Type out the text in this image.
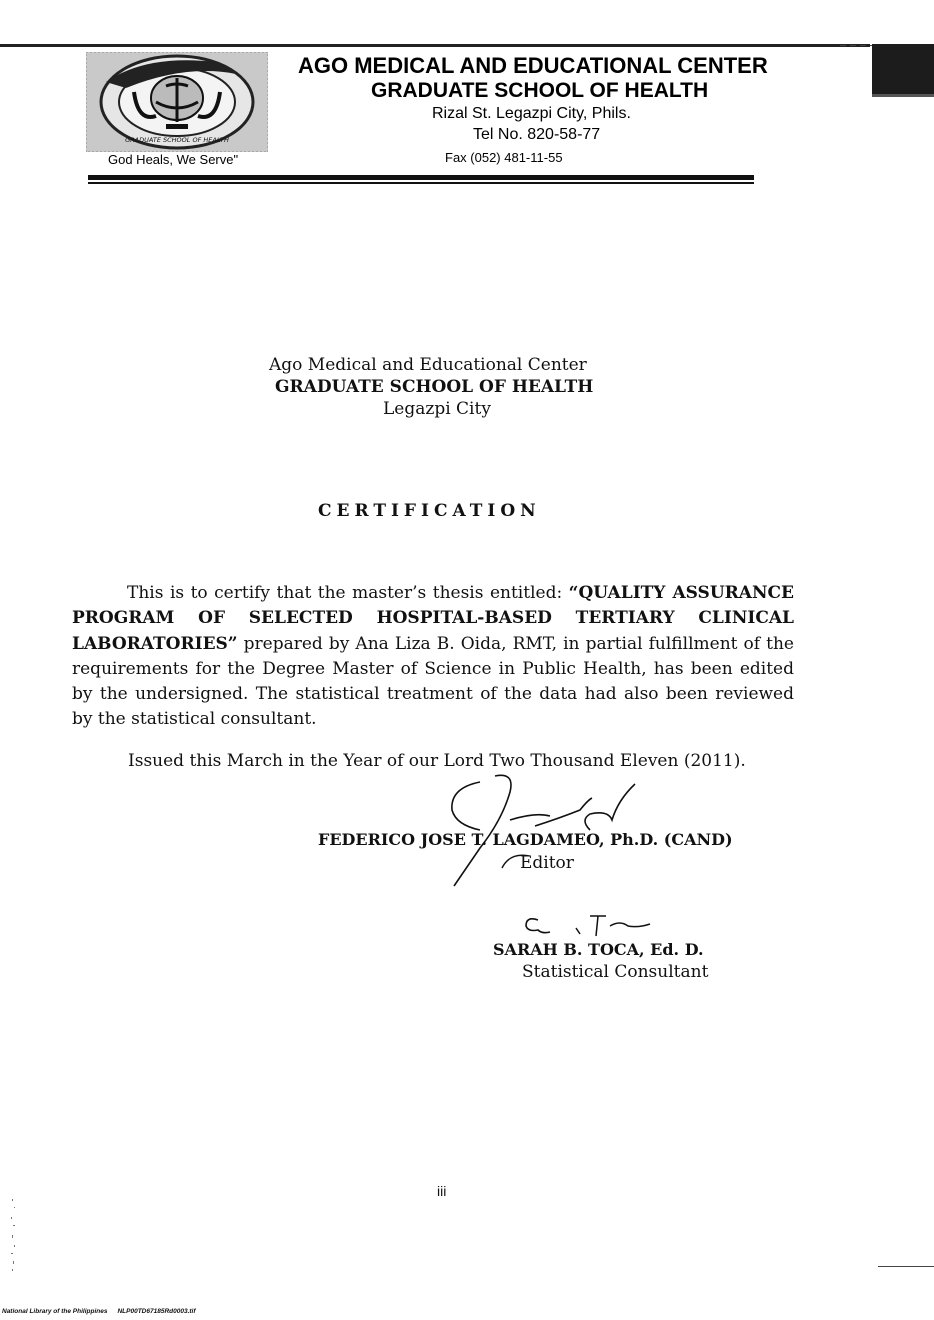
GRADUATE SCHOOL OF HEALTH
AGO MEDICAL AND EDUCATIONAL CENTER
GRADUATE SCHOOL OF HEALTH
Rizal St. Legazpi City, Phils.
Tel No. 820-58-77
Fax (052) 481-11-55
God Heals, We Serve"
Ago Medical and Educational Center
GRADUATE SCHOOL OF HEALTH
Legazpi City
CERTIFICATION

This is to certify that the master’s thesis entitled: “QUALITY ASSURANCE PROGRAM OF SELECTED HOSPITAL-BASED TERTIARY CLINICAL LABORATORIES” prepared by Ana Liza B. Oida, RMT, in partial fulfillment of the requirements for the Degree Master of Science in Public Health, has been edited by the undersigned. The statistical treatment of the data had also been reviewed by the statistical consultant.

Issued this March in the Year of our Lord Two Thousand Eleven (2011).
FEDERICO JOSE T. LAGDAMEO, Ph.D. (CAND)
Editor
SARAH B. TOCA, Ed. D.
Statistical Consultant
iii
National Library of the Philippines NLP00TD67185Rd0003.tif
